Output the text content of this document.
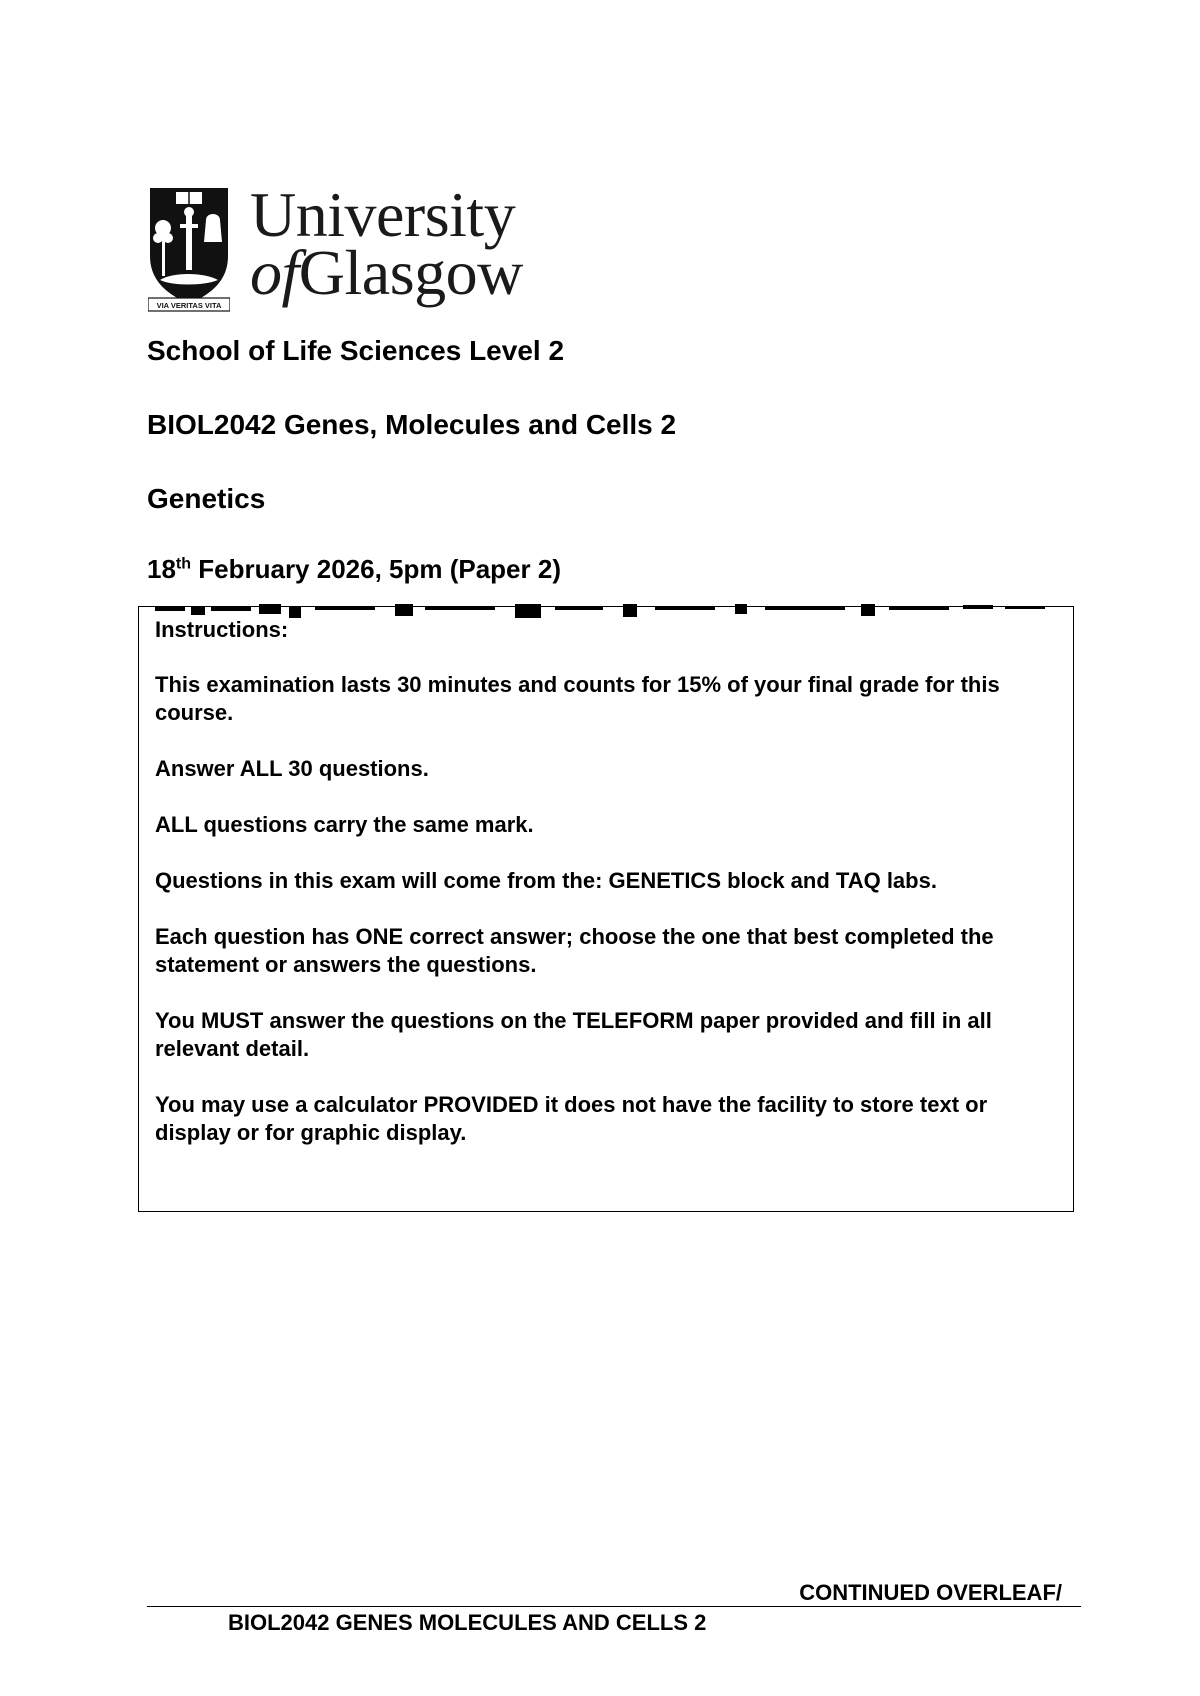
VIA VERITAS VITA
University
ofGlasgow
School of Life Sciences Level 2
BIOL2042 Genes, Molecules and Cells 2
Genetics
18th February 2026, 5pm (Paper 2)
Instructions:
This examination lasts 30 minutes and counts for 15% of your final grade for this course.
Answer ALL 30 questions.
ALL questions carry the same mark.
Questions in this exam will come from the: GENETICS block and TAQ labs.
Each question has ONE correct answer; choose the one that best completed the statement or answers the questions.
You MUST answer the questions on the TELEFORM paper provided and fill in all relevant detail.
You may use a calculator PROVIDED it does not have the facility to store text or display or for graphic display.
CONTINUED OVERLEAF/
BIOL2042 GENES MOLECULES AND CELLS 2
